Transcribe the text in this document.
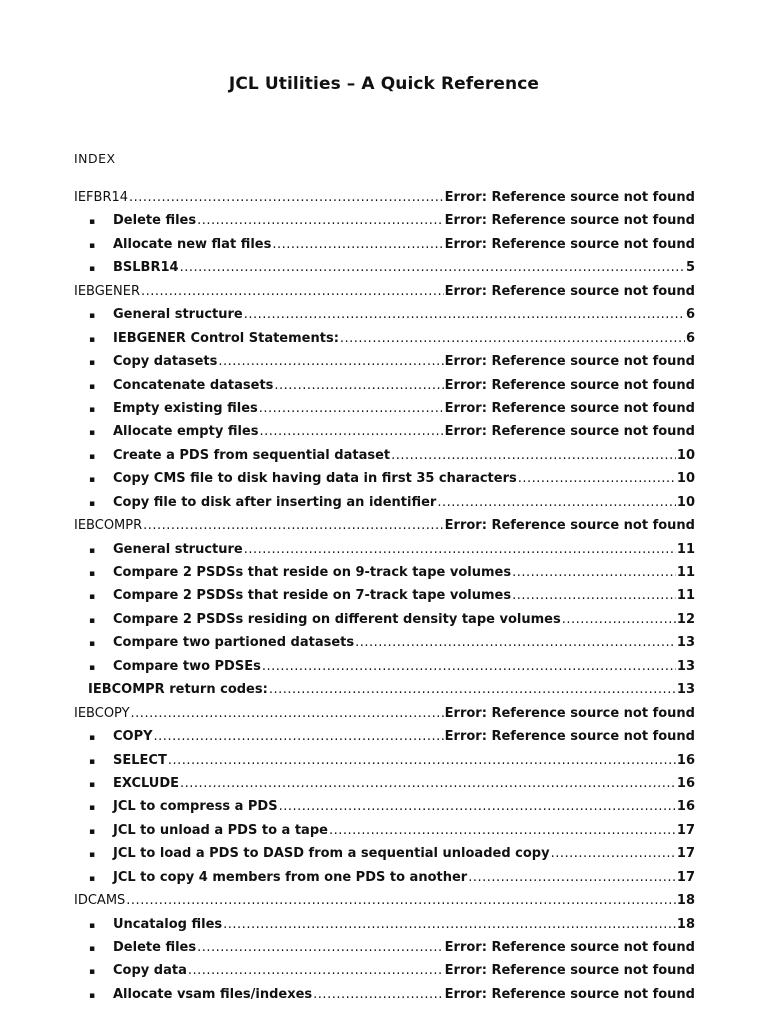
JCL Utilities – A Quick Reference
INDEX
IEFBR14 .....	Error: Reference source not found
▪	Delete files .....	Error: Reference source not found
▪	Allocate new flat files .....	Error: Reference source not found
▪	BSLBR14 .....	5
IEBGENER .....	Error: Reference source not found
▪	General structure .....	6
▪	IEBGENER Control Statements: .....	6
▪	Copy datasets .....	Error: Reference source not found
▪	Concatenate datasets .....	Error: Reference source not found
▪	Empty existing files .....	Error: Reference source not found
▪	Allocate empty files .....	Error: Reference source not found
▪	Create a PDS from sequential dataset .....	10
▪	Copy CMS file to disk having data in first 35 characters .....	10
▪	Copy file to disk after inserting an identifier .....	10
IEBCOMPR .....	Error: Reference source not found
▪	General structure .....	11
▪	Compare 2 PSDSs that reside on 9-track tape volumes .....	11
▪	Compare 2 PSDSs that reside on 7-track tape volumes .....	11
▪	Compare 2 PSDSs residing on different density tape volumes .....	12
▪	Compare two partioned datasets .....	13
▪	Compare two PDSEs .....	13
IEBCOMPR return codes: .....	13
IEBCOPY .....	Error: Reference source not found
▪	COPY .....	Error: Reference source not found
▪	SELECT .....	16
▪	EXCLUDE .....	16
▪	JCL to compress a PDS .....	16
▪	JCL to unload a PDS to a tape .....	17
▪	JCL to load a PDS to DASD from a sequential unloaded copy .....	17
▪	JCL to copy 4 members from one PDS to another .....	17
IDCAMS .....	18
▪	Uncatalog files .....	18
▪	Delete files .....	Error: Reference source not found
▪	Copy data .....	Error: Reference source not found
▪	Allocate vsam files/indexes .....	Error: Reference source not found
